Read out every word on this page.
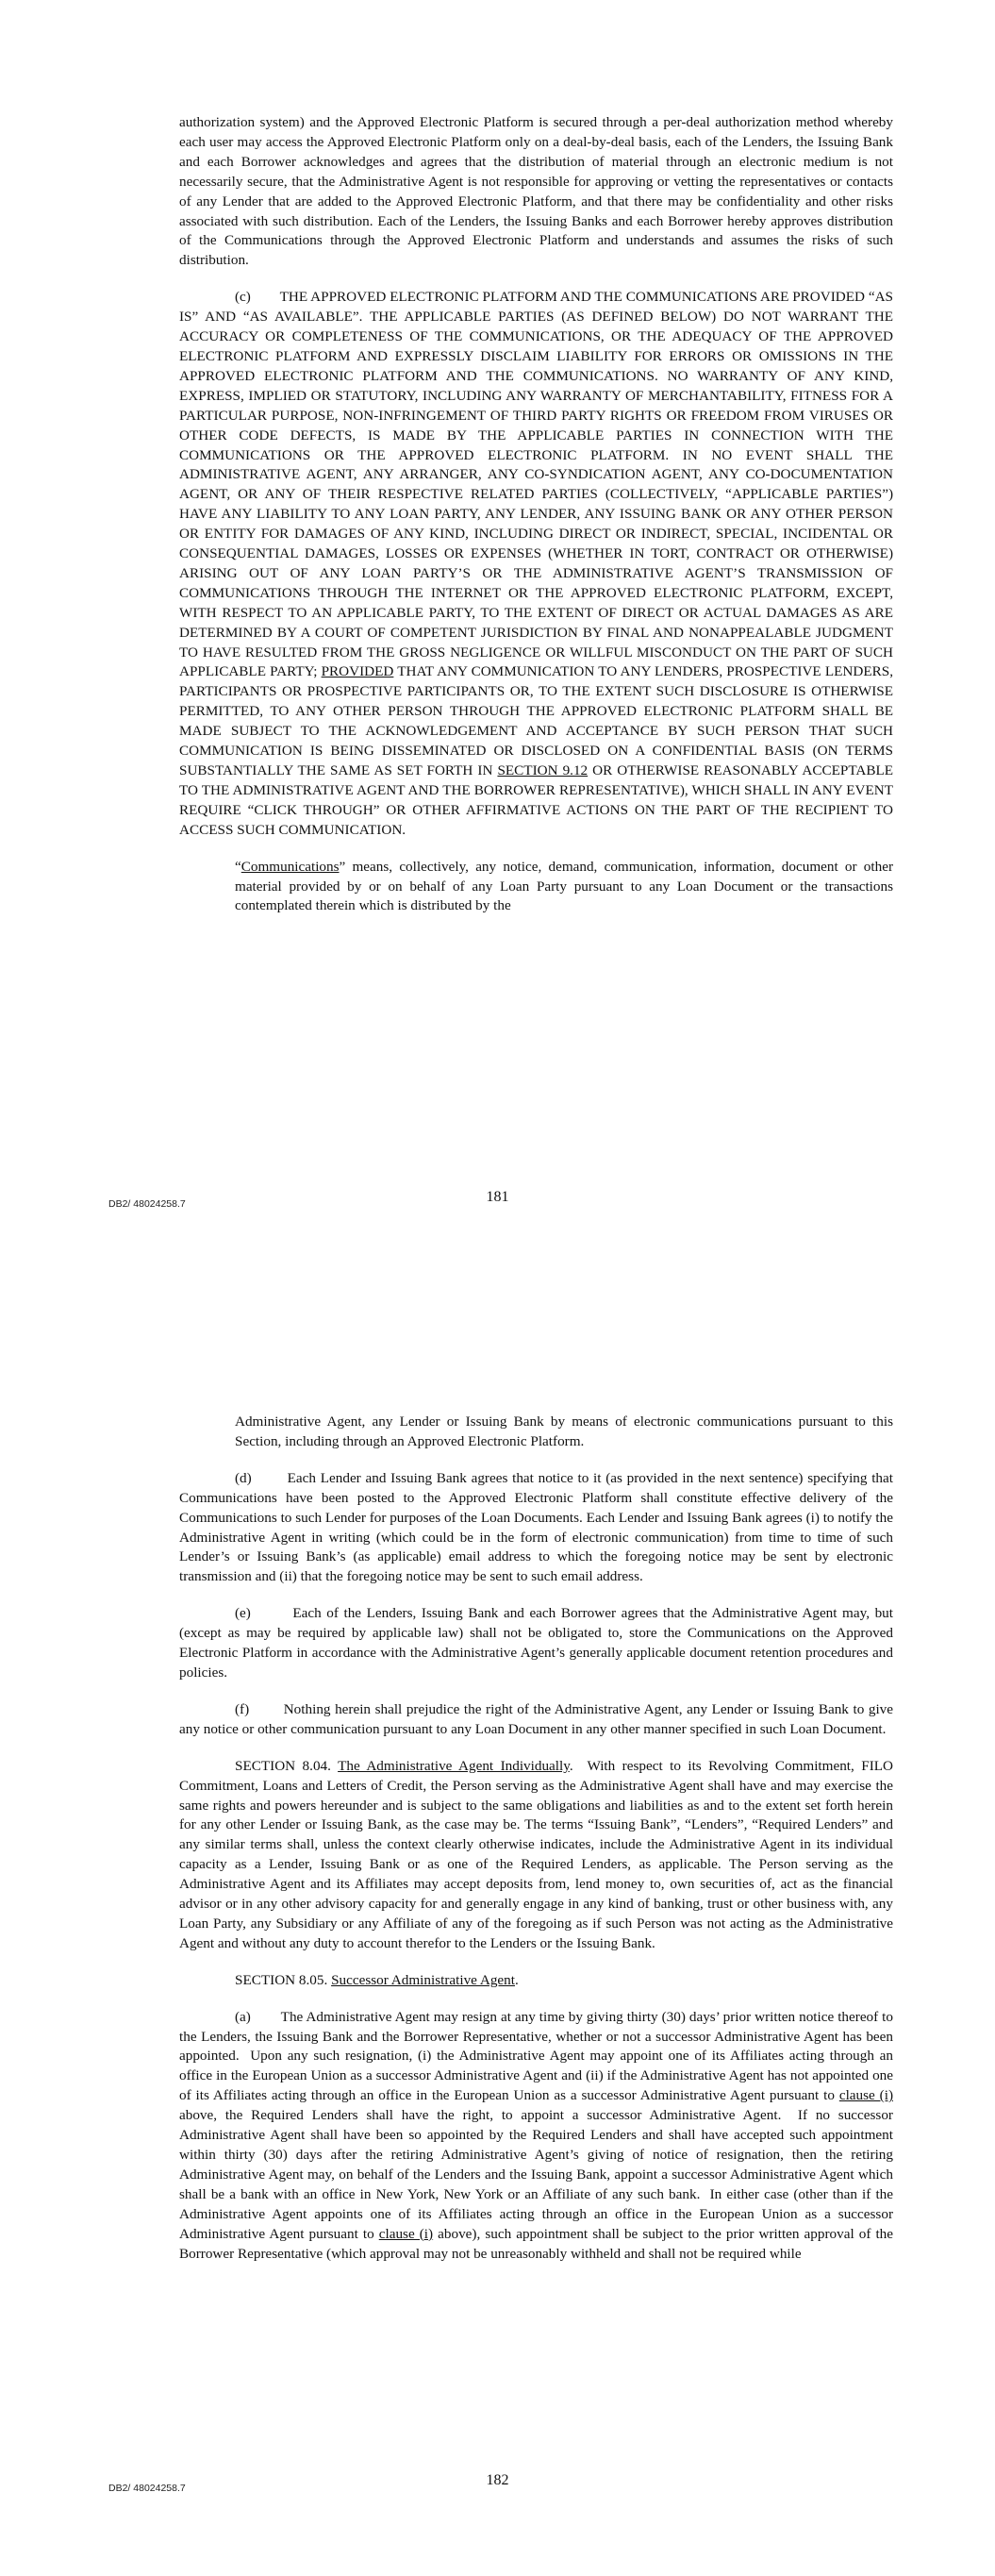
authorization system) and the Approved Electronic Platform is secured through a per-deal authorization method whereby each user may access the Approved Electronic Platform only on a deal-by-deal basis, each of the Lenders, the Issuing Bank and each Borrower acknowledges and agrees that the distribution of material through an electronic medium is not necessarily secure, that the Administrative Agent is not responsible for approving or vetting the representatives or contacts of any Lender that are added to the Approved Electronic Platform, and that there may be confidentiality and other risks associated with such distribution. Each of the Lenders, the Issuing Banks and each Borrower hereby approves distribution of the Communications through the Approved Electronic Platform and understands and assumes the risks of such distribution.

(c)        THE APPROVED ELECTRONIC PLATFORM AND THE COMMUNICATIONS ARE PROVIDED “AS IS” AND “AS AVAILABLE”. THE APPLICABLE PARTIES (AS DEFINED BELOW) DO NOT WARRANT THE ACCURACY OR COMPLETENESS OF THE COMMUNICATIONS, OR THE ADEQUACY OF THE APPROVED ELECTRONIC PLATFORM AND EXPRESSLY DISCLAIM LIABILITY FOR ERRORS OR OMISSIONS IN THE APPROVED ELECTRONIC PLATFORM AND THE COMMUNICATIONS. NO WARRANTY OF ANY KIND, EXPRESS, IMPLIED OR STATUTORY, INCLUDING ANY WARRANTY OF MERCHANTABILITY, FITNESS FOR A PARTICULAR PURPOSE, NON-INFRINGEMENT OF THIRD PARTY RIGHTS OR FREEDOM FROM VIRUSES OR OTHER CODE DEFECTS, IS MADE BY THE APPLICABLE PARTIES IN CONNECTION WITH THE COMMUNICATIONS OR THE APPROVED ELECTRONIC PLATFORM. IN NO EVENT SHALL THE ADMINISTRATIVE AGENT, ANY ARRANGER, ANY CO-SYNDICATION AGENT, ANY CO-DOCUMENTATION AGENT, OR ANY OF THEIR RESPECTIVE RELATED PARTIES (COLLECTIVELY, “APPLICABLE PARTIES”) HAVE ANY LIABILITY TO ANY LOAN PARTY, ANY LENDER, ANY ISSUING BANK OR ANY OTHER PERSON OR ENTITY FOR DAMAGES OF ANY KIND, INCLUDING DIRECT OR INDIRECT, SPECIAL, INCIDENTAL OR CONSEQUENTIAL DAMAGES, LOSSES OR EXPENSES (WHETHER IN TORT, CONTRACT OR OTHERWISE) ARISING OUT OF ANY LOAN PARTY’S OR THE ADMINISTRATIVE AGENT’S TRANSMISSION OF COMMUNICATIONS THROUGH THE INTERNET OR THE APPROVED ELECTRONIC PLATFORM, EXCEPT, WITH RESPECT TO AN APPLICABLE PARTY, TO THE EXTENT OF DIRECT OR ACTUAL DAMAGES AS ARE DETERMINED BY A COURT OF COMPETENT JURISDICTION BY FINAL AND NONAPPEALABLE JUDGMENT TO HAVE RESULTED FROM THE GROSS NEGLIGENCE OR WILLFUL MISCONDUCT ON THE PART OF SUCH APPLICABLE PARTY; PROVIDED THAT ANY COMMUNICATION TO ANY LENDERS, PROSPECTIVE LENDERS, PARTICIPANTS OR PROSPECTIVE PARTICIPANTS OR, TO THE EXTENT SUCH DISCLOSURE IS OTHERWISE PERMITTED, TO ANY OTHER PERSON THROUGH THE APPROVED ELECTRONIC PLATFORM SHALL BE MADE SUBJECT TO THE ACKNOWLEDGEMENT AND ACCEPTANCE BY SUCH PERSON THAT SUCH COMMUNICATION IS BEING DISSEMINATED OR DISCLOSED ON A CONFIDENTIAL BASIS (ON TERMS SUBSTANTIALLY THE SAME AS SET FORTH IN SECTION 9.12 OR OTHERWISE REASONABLY ACCEPTABLE TO THE ADMINISTRATIVE AGENT AND THE BORROWER REPRESENTATIVE), WHICH SHALL IN ANY EVENT REQUIRE “CLICK THROUGH” OR OTHER AFFIRMATIVE ACTIONS ON THE PART OF THE RECIPIENT TO ACCESS SUCH COMMUNICATION.

“Communications” means, collectively, any notice, demand, communication, information, document or other material provided by or on behalf of any Loan Party pursuant to any Loan Document or the transactions contemplated therein which is distributed by the

181
DB2/ 48024258.7

Administrative Agent, any Lender or Issuing Bank by means of electronic communications pursuant to this Section, including through an Approved Electronic Platform.

(d)        Each Lender and Issuing Bank agrees that notice to it (as provided in the next sentence) specifying that Communications have been posted to the Approved Electronic Platform shall constitute effective delivery of the Communications to such Lender for purposes of the Loan Documents. Each Lender and Issuing Bank agrees (i) to notify the Administrative Agent in writing (which could be in the form of electronic communication) from time to time of such Lender’s or Issuing Bank’s (as applicable) email address to which the foregoing notice may be sent by electronic transmission and (ii) that the foregoing notice may be sent to such email address.

(e)        Each of the Lenders, Issuing Bank and each Borrower agrees that the Administrative Agent may, but (except as may be required by applicable law) shall not be obligated to, store the Communications on the Approved Electronic Platform in accordance with the Administrative Agent’s generally applicable document retention procedures and policies.

(f)        Nothing herein shall prejudice the right of the Administrative Agent, any Lender or Issuing Bank to give any notice or other communication pursuant to any Loan Document in any other manner specified in such Loan Document.

SECTION 8.04. The Administrative Agent Individually.  With respect to its Revolving Commitment, FILO Commitment, Loans and Letters of Credit, the Person serving as the Administrative Agent shall have and may exercise the same rights and powers hereunder and is subject to the same obligations and liabilities as and to the extent set forth herein for any other Lender or Issuing Bank, as the case may be. The terms “Issuing Bank”, “Lenders”, “Required Lenders” and any similar terms shall, unless the context clearly otherwise indicates, include the Administrative Agent in its individual capacity as a Lender, Issuing Bank or as one of the Required Lenders, as applicable. The Person serving as the Administrative Agent and its Affiliates may accept deposits from, lend money to, own securities of, act as the financial advisor or in any other advisory capacity for and generally engage in any kind of banking, trust or other business with, any Loan Party, any Subsidiary or any Affiliate of any of the foregoing as if such Person was not acting as the Administrative Agent and without any duty to account therefor to the Lenders or the Issuing Bank.

SECTION 8.05. Successor Administrative Agent.

(a)        The Administrative Agent may resign at any time by giving thirty (30) days’ prior written notice thereof to the Lenders, the Issuing Bank and the Borrower Representative, whether or not a successor Administrative Agent has been appointed.  Upon any such resignation, (i) the Administrative Agent may appoint one of its Affiliates acting through an office in the European Union as a successor Administrative Agent and (ii) if the Administrative Agent has not appointed one of its Affiliates acting through an office in the European Union as a successor Administrative Agent pursuant to clause (i) above, the Required Lenders shall have the right, to appoint a successor Administrative Agent.  If no successor Administrative Agent shall have been so appointed by the Required Lenders and shall have accepted such appointment within thirty (30) days after the retiring Administrative Agent’s giving of notice of resignation, then the retiring Administrative Agent may, on behalf of the Lenders and the Issuing Bank, appoint a successor Administrative Agent which shall be a bank with an office in New York, New York or an Affiliate of any such bank.  In either case (other than if the Administrative Agent appoints one of its Affiliates acting through an office in the European Union as a successor Administrative Agent pursuant to clause (i) above), such appointment shall be subject to the prior written approval of the Borrower Representative (which approval may not be unreasonably withheld and shall not be required while

182
DB2/ 48024258.7
